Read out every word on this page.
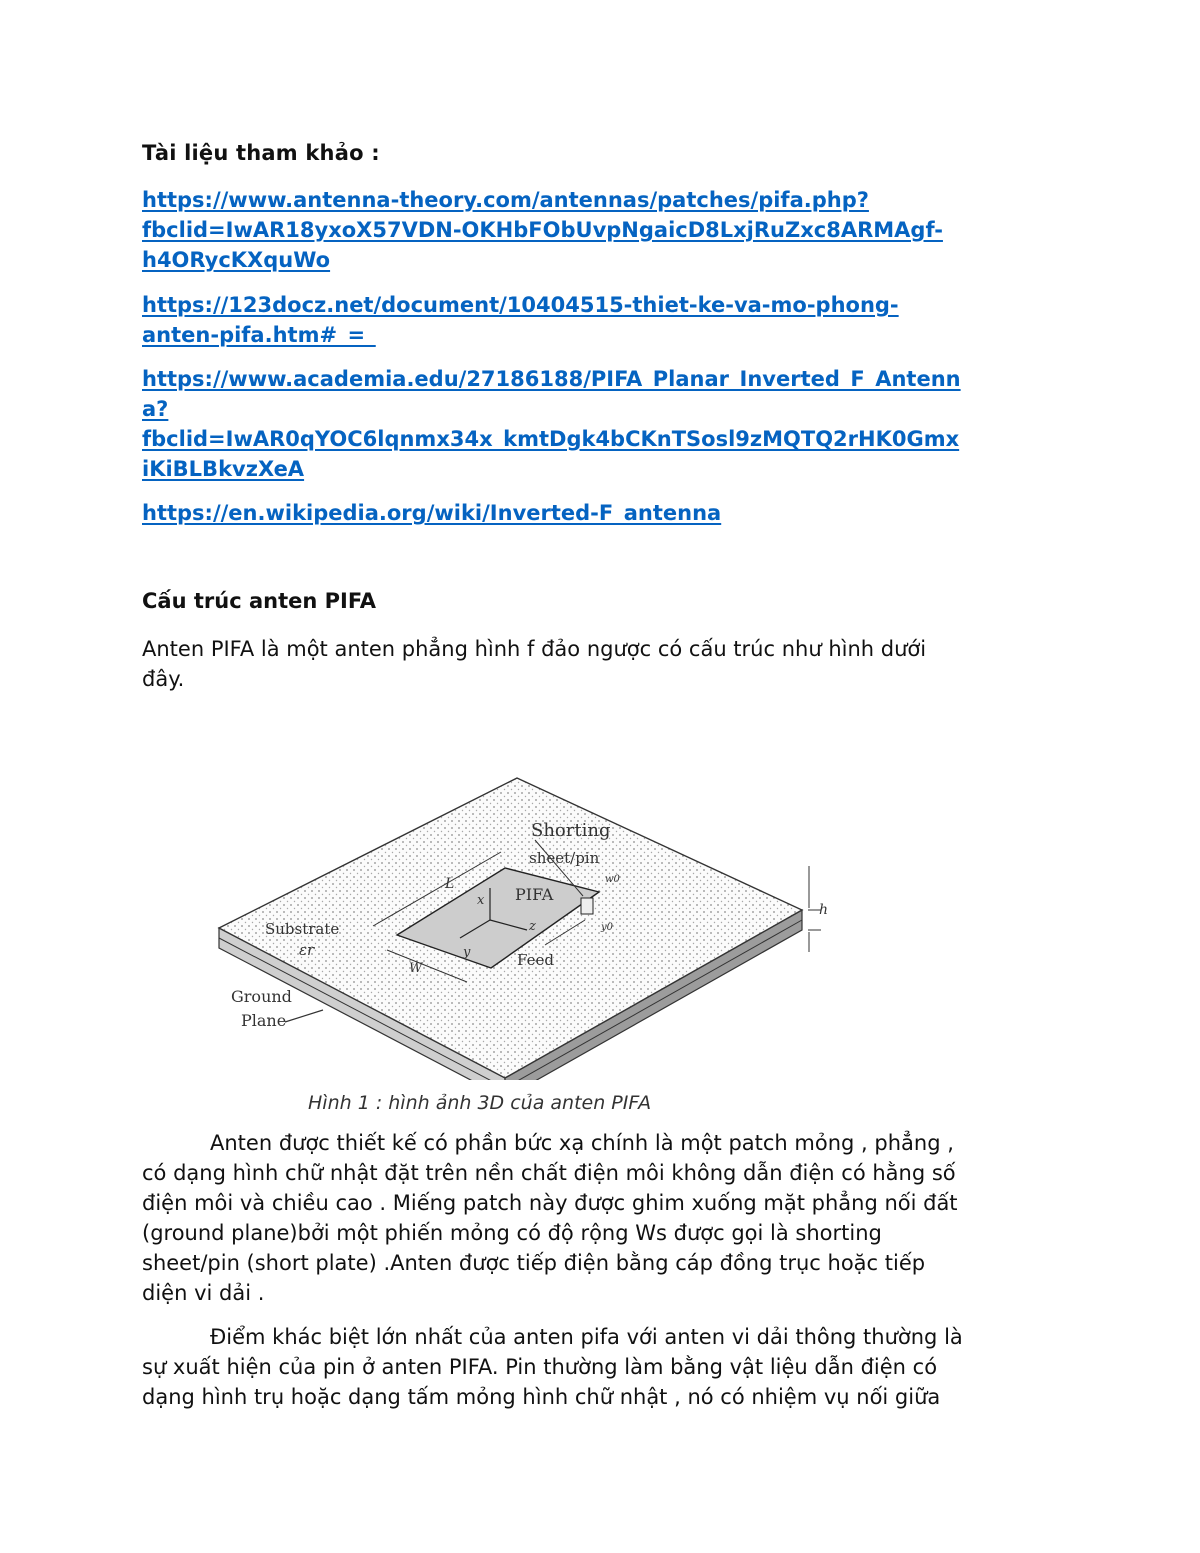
Tài liệu tham khảo :
https://www.antenna-theory.com/antennas/patches/pifa.php?
fbclid=IwAR18yxoX57VDN-OKHbFObUvpNgaicD8LxjRuZxc8ARMAgf-
h4ORycKXquWo
https://123docz.net/document/10404515-thiet-ke-va-mo-phong-
anten-pifa.htm#_=_
https://www.academia.edu/27186188/PIFA_Planar_Inverted_F_Antenn
a?
fbclid=IwAR0qYOC6lqnmx34x_kmtDgk4bCKnTSosl9zMQTQ2rHK0Gmx
iKiBLBkvzXeA
https://en.wikipedia.org/wiki/Inverted-F_antenna
Cấu trúc anten PIFA
Anten PIFA là một anten phẳng hình f đảo ngược có cấu trúc như hình dưới
đây.
Shorting
sheet/pin
PIFA
Substrate
εr
Ground
Plane
Feed
L
W
x
y
z
h
w0
y0
Hình 1 : hình ảnh 3D của anten PIFA
Anten được thiết kế có phần bức xạ chính là một patch mỏng , phẳng ,
có dạng hình chữ nhật đặt trên nền chất điện môi không dẫn điện có hằng số
điện môi và chiều cao . Miếng patch này được ghim xuống mặt phẳng nối đất
(ground plane)bởi một phiến mỏng có độ rộng Ws được gọi là shorting
sheet/pin (short plate) .Anten được tiếp điện bằng cáp đồng trục hoặc tiếp
diện vi dải .
Điểm khác biệt lớn nhất của anten pifa với anten vi dải thông thường là
sự xuất hiện của pin ở anten PIFA. Pin thường làm bằng vật liệu dẫn điện có
dạng hình trụ hoặc dạng tấm mỏng hình chữ nhật , nó có nhiệm vụ nối giữa
